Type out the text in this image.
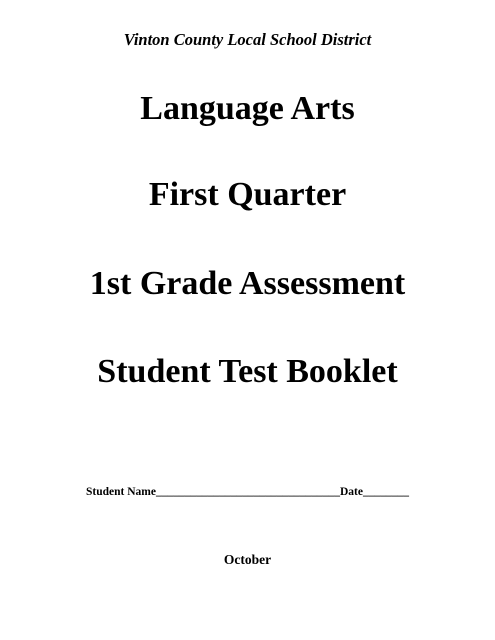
Vinton County Local School District
Language Arts
First Quarter
1st Grade Assessment
Student Test Booklet
Student Name________________________________Date________
October
